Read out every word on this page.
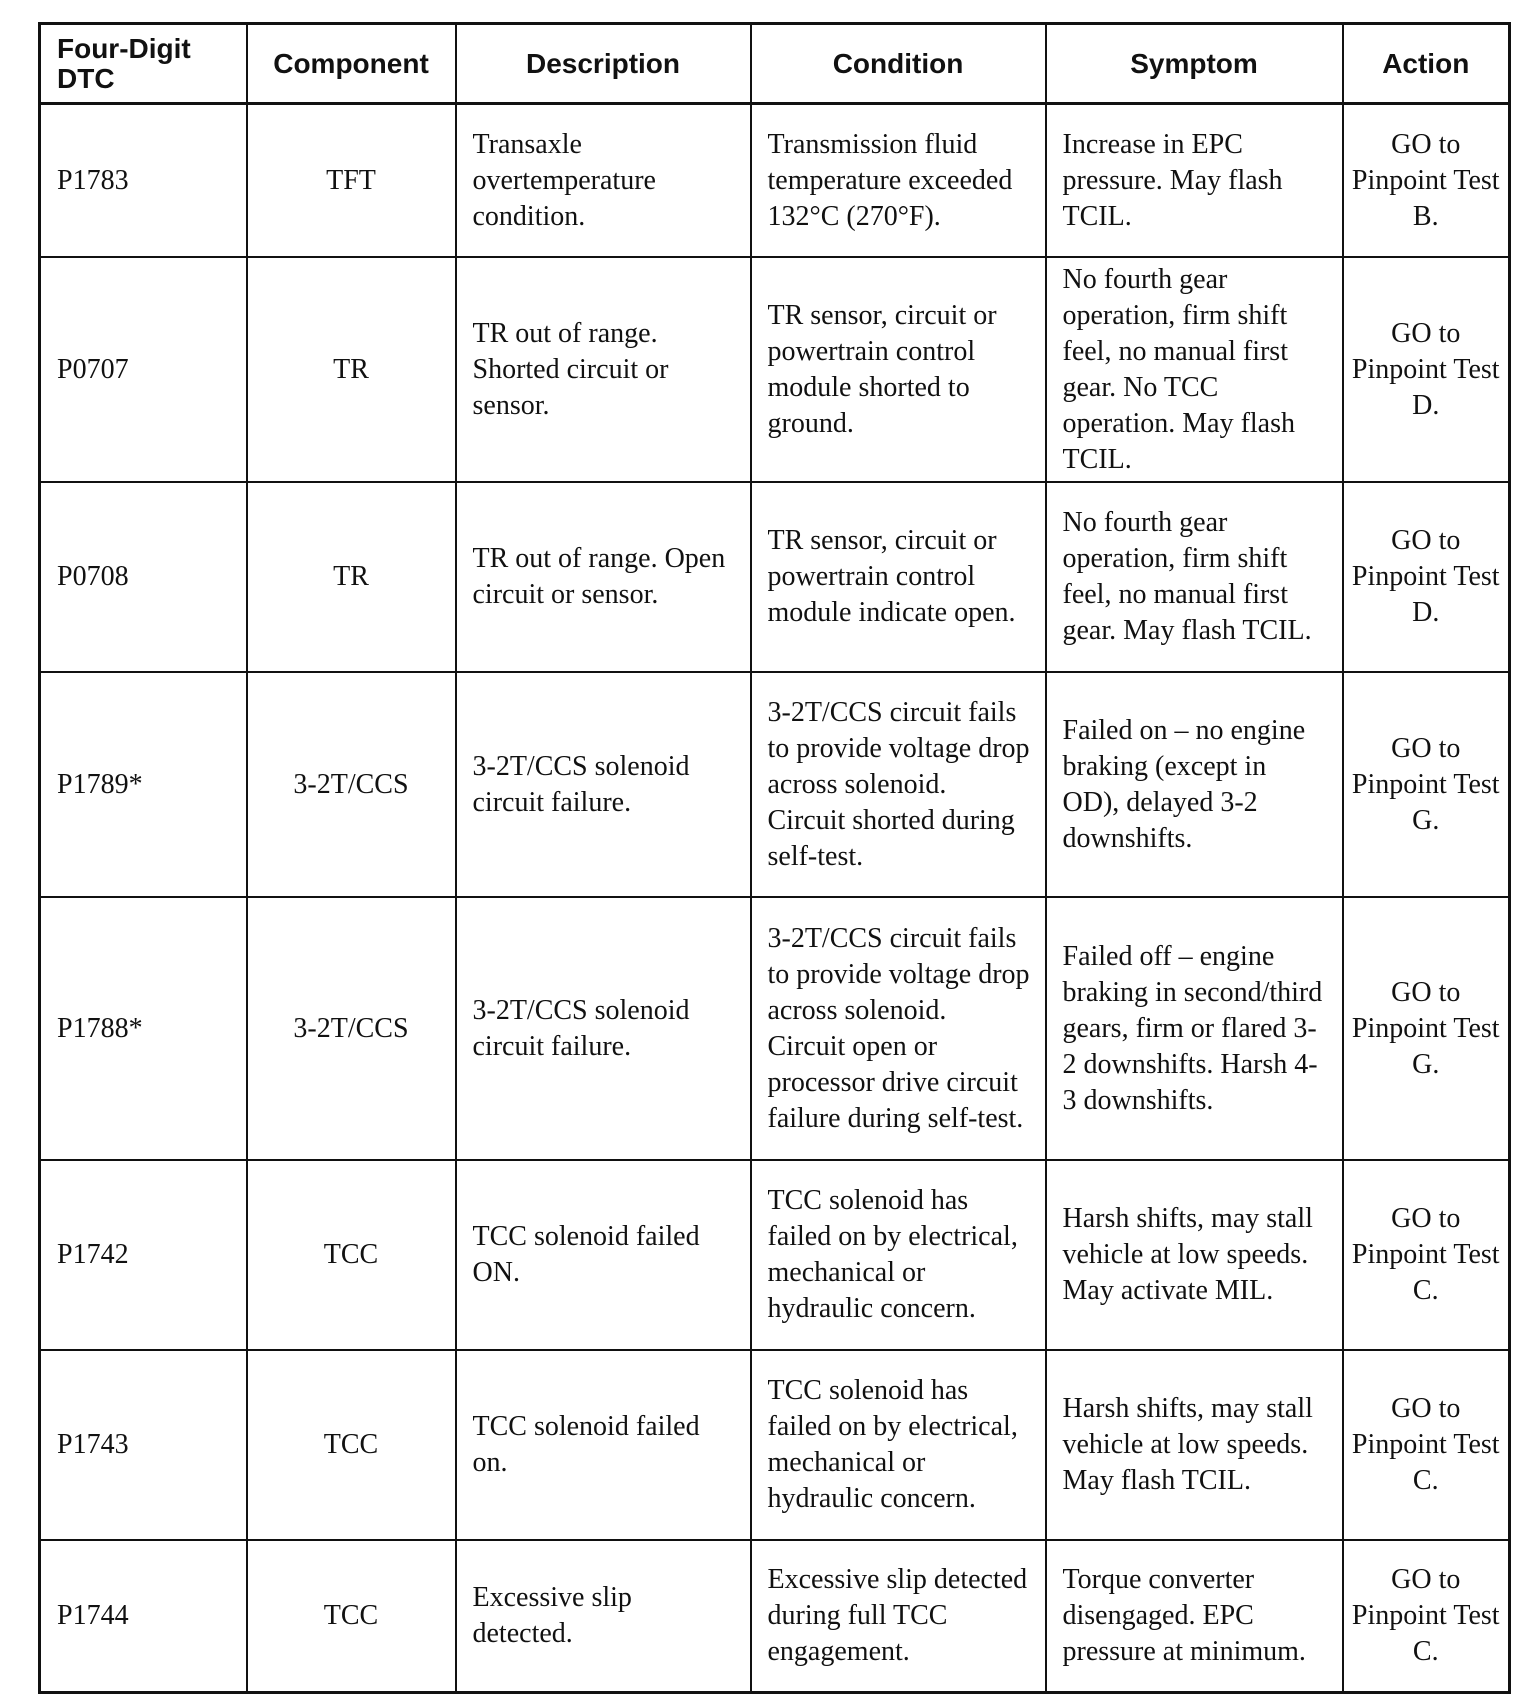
Four-Digit DTC	Component	Description	Condition	Symptom	Action
P1783	TFT	Transaxle overtemperature condition.	Transmission fluid temperature exceeded 132°C (270°F).	Increase in EPC pressure. May flash TCIL.	GO to Pinpoint Test B.
P0707	TR	TR out of range. Shorted circuit or sensor.	TR sensor, circuit or powertrain control module shorted to ground.	No fourth gear operation, firm shift feel, no manual first gear. No TCC operation. May flash TCIL.	GO to Pinpoint Test D.
P0708	TR	TR out of range. Open circuit or sensor.	TR sensor, circuit or powertrain control module indicate open.	No fourth gear operation, firm shift feel, no manual first gear. May flash TCIL.	GO to Pinpoint Test D.
P1789*	3-2T/CCS	3-2T/CCS solenoid circuit failure.	3-2T/CCS circuit fails to provide voltage drop across solenoid. Circuit shorted during self-test.	Failed on – no engine braking (except in OD), delayed 3-2 downshifts.	GO to Pinpoint Test G.
P1788*	3-2T/CCS	3-2T/CCS solenoid circuit failure.	3-2T/CCS circuit fails to provide voltage drop across solenoid. Circuit open or processor drive circuit failure during self-test.	Failed off – engine braking in second/third gears, firm or flared 3-2 downshifts. Harsh 4-3 downshifts.	GO to Pinpoint Test G.
P1742	TCC	TCC solenoid failed ON.	TCC solenoid has failed on by electrical, mechanical or hydraulic concern.	Harsh shifts, may stall vehicle at low speeds. May activate MIL.	GO to Pinpoint Test C.
P1743	TCC	TCC solenoid failed on.	TCC solenoid has failed on by electrical, mechanical or hydraulic concern.	Harsh shifts, may stall vehicle at low speeds. May flash TCIL.	GO to Pinpoint Test C.
P1744	TCC	Excessive slip detected.	Excessive slip detected during full TCC engagement.	Torque converter disengaged. EPC pressure at minimum.	GO to Pinpoint Test C.
